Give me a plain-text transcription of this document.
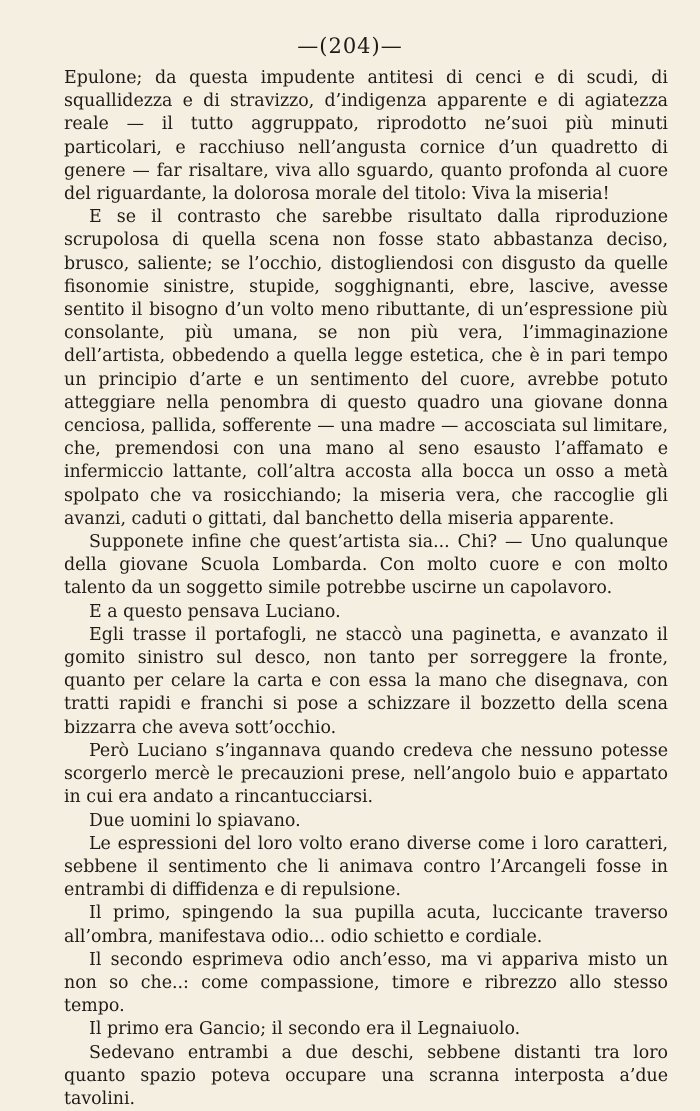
—(204)—

Epulone; da questa impudente antitesi di cenci e di scudi, di squallidezza e di stravizzo, d’indigenza apparente e di agiatezza reale — il tutto aggruppato, riprodotto ne’suoi più minuti particolari, e racchiuso nell’angusta cornice d’un quadretto di genere — far risaltare, viva allo sguardo, quanto profonda al cuore del riguardante, la dolorosa morale del titolo: Viva la miseria!

E se il contrasto che sarebbe risultato dalla riproduzione scrupolosa di quella scena non fosse stato abbastanza deciso, brusco, saliente; se l’occhio, distogliendosi con disgusto da quelle fisonomie sinistre, stupide, sogghignanti, ebre, lascive, avesse sentito il bisogno d’un volto meno ributtante, di un’espressione più consolante, più umana, se non più vera, l’immaginazione dell’artista, obbedendo a quella legge estetica, che è in pari tempo un principio d’arte e un sentimento del cuore, avrebbe potuto atteggiare nella penombra di questo quadro una giovane donna cenciosa, pallida, sofferente — una madre — accosciata sul limitare, che, premendosi con una mano al seno esausto l’affamato e infermiccio lattante, coll’altra accosta alla bocca un osso a metà spolpato che va rosicchiando; la miseria vera, che raccoglie gli avanzi, caduti o gittati, dal banchetto della miseria apparente.

Supponete infine che quest’artista sia... Chi? — Uno qualunque della giovane Scuola Lombarda. Con molto cuore e con molto talento da un soggetto simile potrebbe uscirne un capolavoro.

E a questo pensava Luciano.

Egli trasse il portafogli, ne staccò una paginetta, e avanzato il gomito sinistro sul desco, non tanto per sorreggere la fronte, quanto per celare la carta e con essa la mano che disegnava, con tratti rapidi e franchi si pose a schizzare il bozzetto della scena bizzarra che aveva sott’occhio.

Però Luciano s’ingannava quando credeva che nessuno potesse scorgerlo mercè le precauzioni prese, nell’angolo buio e appartato in cui era andato a rincantucciarsi.

Due uomini lo spiavano.

Le espressioni del loro volto erano diverse come i loro caratteri, sebbene il sentimento che li animava contro l’Arcangeli fosse in entrambi di diffidenza e di repulsione.

Il primo, spingendo la sua pupilla acuta, luccicante traverso all’ombra, manifestava odio... odio schietto e cordiale.

Il secondo esprimeva odio anch’esso, ma vi appariva misto un non so che..: come compassione, timore e ribrezzo allo stesso tempo.

Il primo era Gancio; il secondo era il Legnaiuolo.

Sedevano entrambi a due deschi, sebbene distanti tra loro quanto spazio poteva occupare una scranna interposta a’due tavolini.
